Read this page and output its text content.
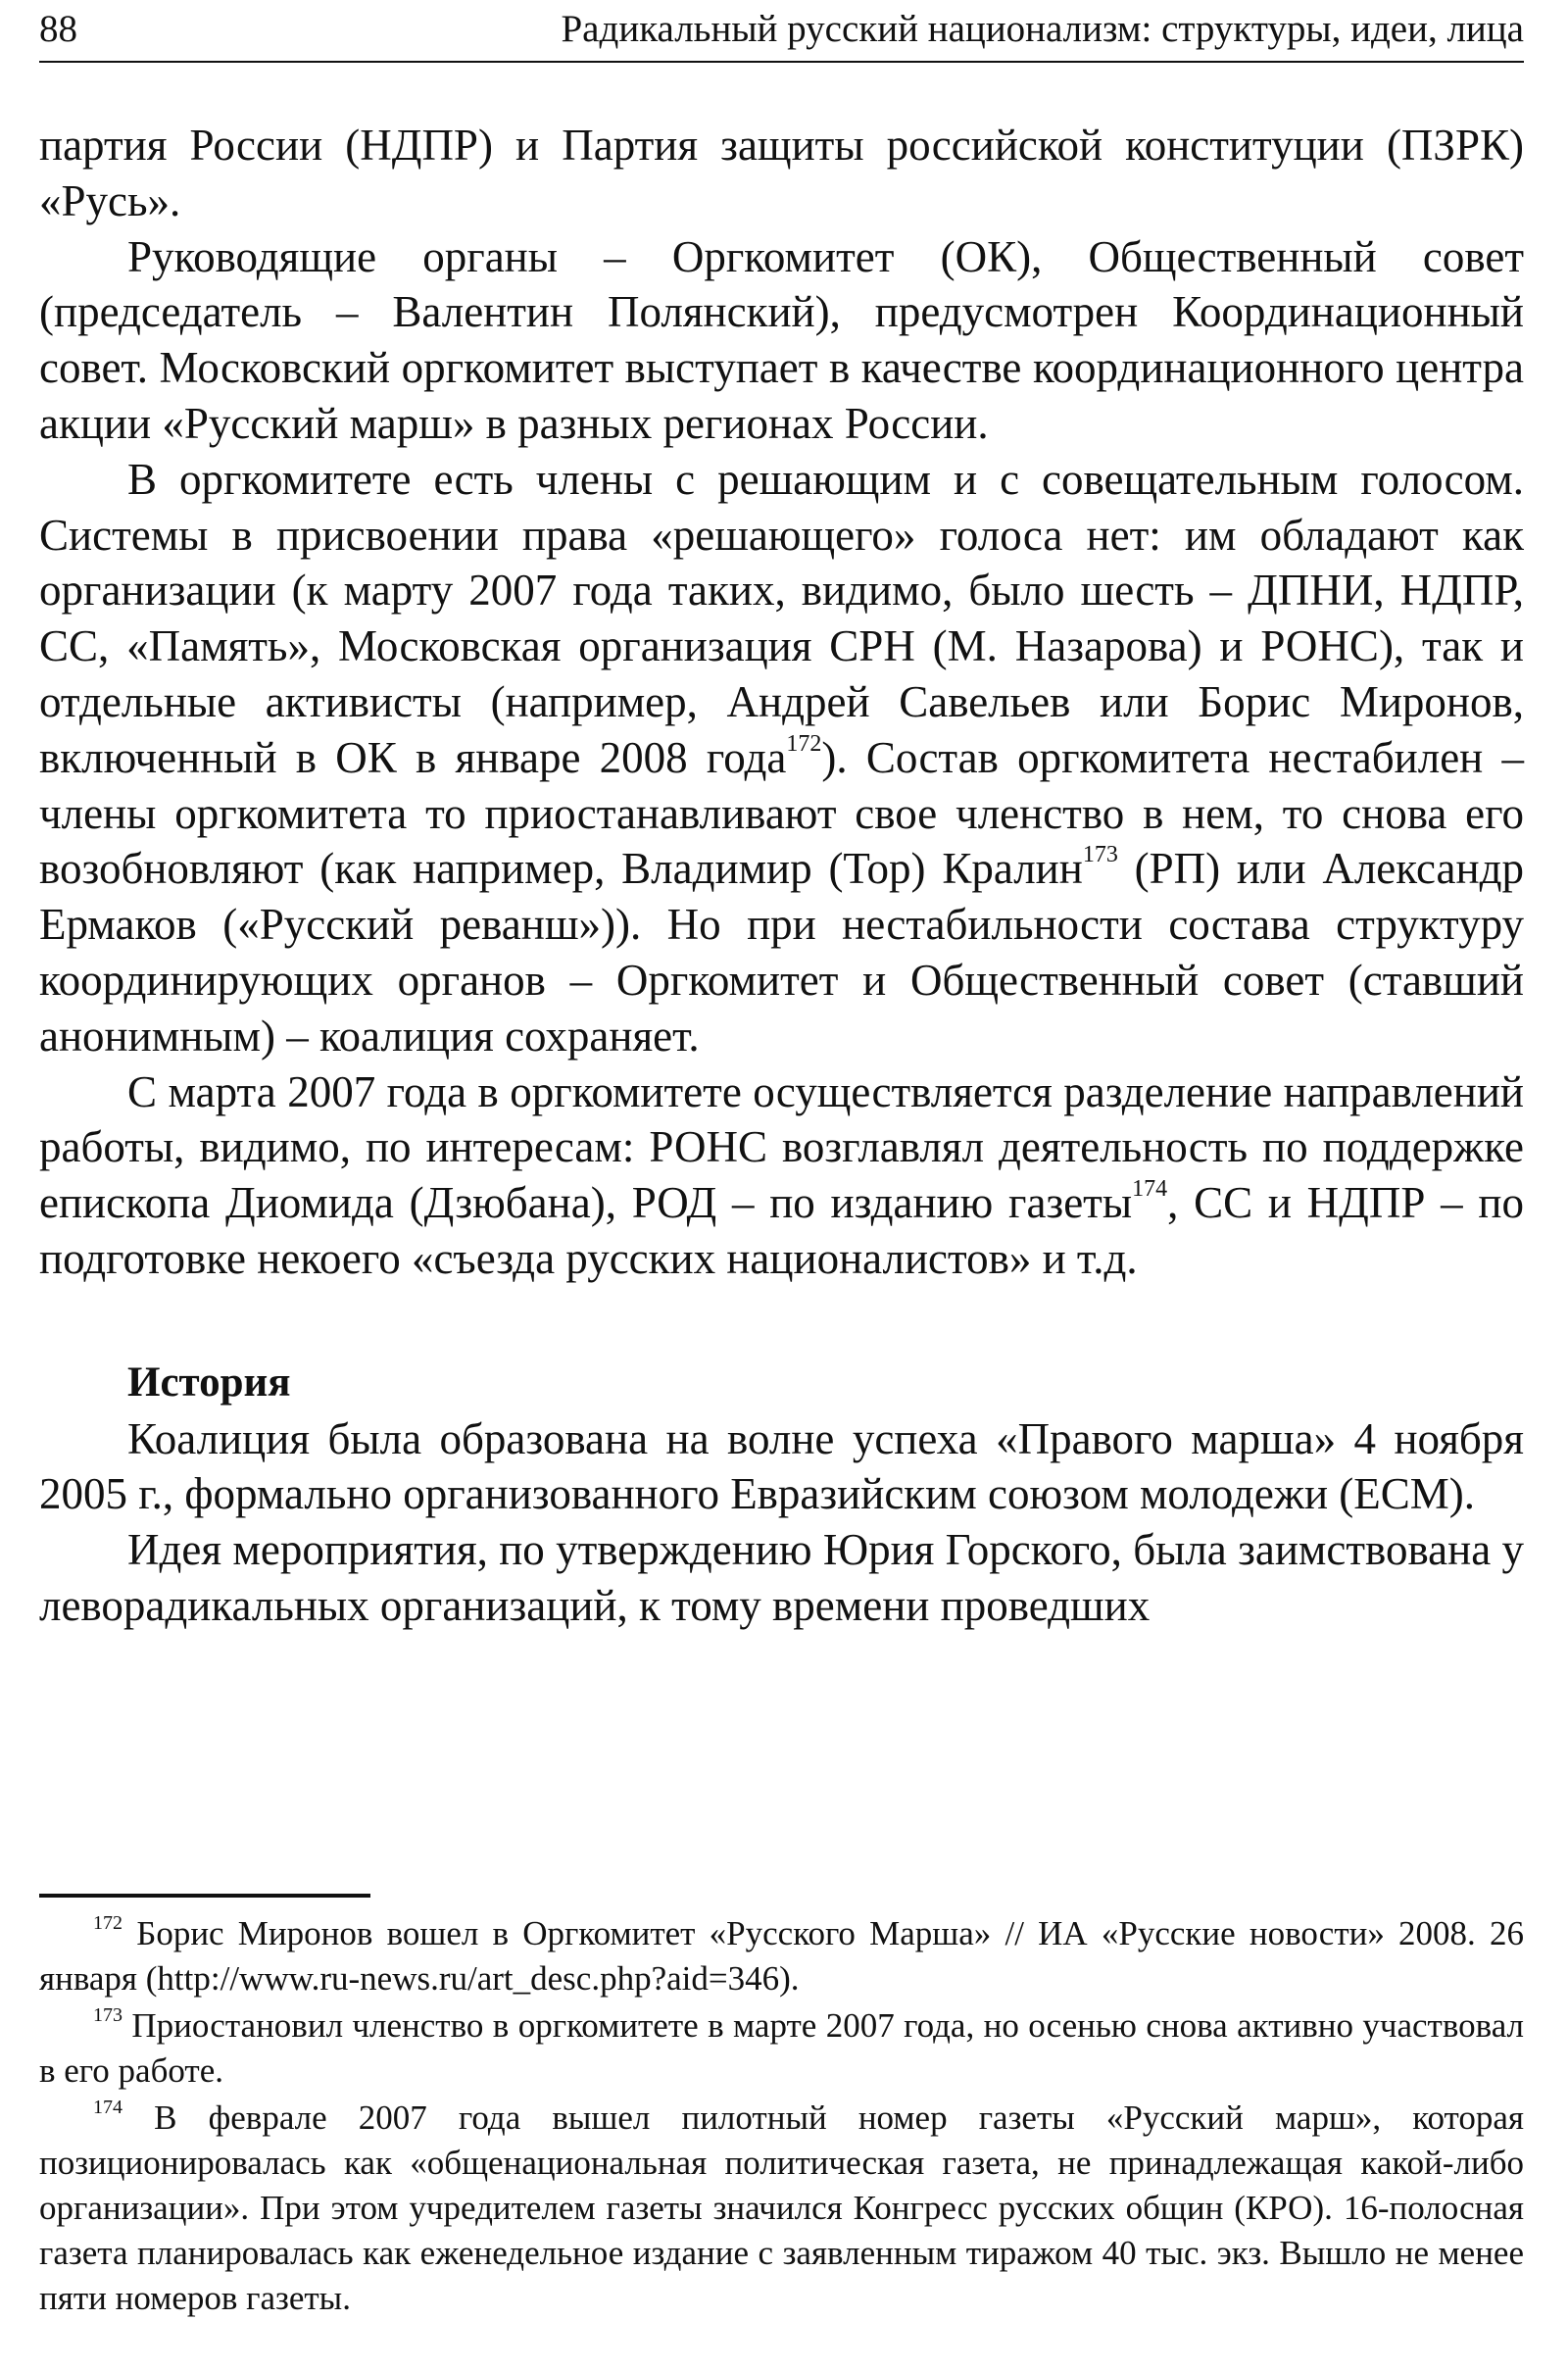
88	Радикальный русский национализм: структуры, идеи, лица

партия России (НДПР) и Партия защиты российской конституции (ПЗРК) «Русь».

Руководящие органы – Оргкомитет (ОК), Общественный совет (председатель – Валентин Полянский), предусмотрен Координационный совет. Московский оргкомитет выступает в качестве координационного центра акции «Русский марш» в разных регионах России.

В оргкомитете есть члены с решающим и с совещательным голосом. Системы в присвоении права «решающего» голоса нет: им обладают как организации (к марту 2007 года таких, видимо, было шесть – ДПНИ, НДПР, СС, «Память», Московская организация СРН (М. Назарова) и РОНС), так и отдельные активисты (например, Андрей Савельев или Борис Миронов, включенный в ОК в январе 2008 года$^{172}$). Состав оргкомитета нестабилен – члены оргкомитета то приостанавливают свое членство в нем, то снова его возобновляют (как например, Владимир (Тор) Кралин$^{173}$ (РП) или Александр Ермаков («Русский реванш»)). Но при нестабильности состава структуру координирующих органов – Оргкомитет и Общественный совет (ставший анонимным) – коалиция сохраняет.

С марта 2007 года в оргкомитете осуществляется разделение направлений работы, видимо, по интересам: РОНС возглавлял деятельность по поддержке епископа Диомида (Дзюбана), РОД – по изданию газеты$^{174}$, СС и НДПР – по подготовке некоего «съезда русских националистов» и т.д.

История

Коалиция была образована на волне успеха «Правого марша» 4 ноября 2005 г., формально организованного Евразийским союзом молодежи (ЕСМ).

Идея мероприятия, по утверждению Юрия Горского, была заимствована у леворадикальных организаций, к тому времени проведших

$^{172}$ Борис Миронов вошел в Оргкомитет «Русского Марша» // ИА «Русские новости» 2008. 26 января (http://www.ru-news.ru/art_desc.php?aid=346).

$^{173}$ Приостановил членство в оргкомитете в марте 2007 года, но осенью снова активно участвовал в его работе.

$^{174}$ В феврале 2007 года вышел пилотный номер газеты «Русский марш», которая позиционировалась как «общенациональная политическая газета, не принадлежащая какой-либо организации». При этом учредителем газеты значился Конгресс русских общин (КРО). 16-полосная газета планировалась как еженедельное издание с заявленным тиражом 40 тыс. экз. Вышло не менее пяти номеров газеты.
